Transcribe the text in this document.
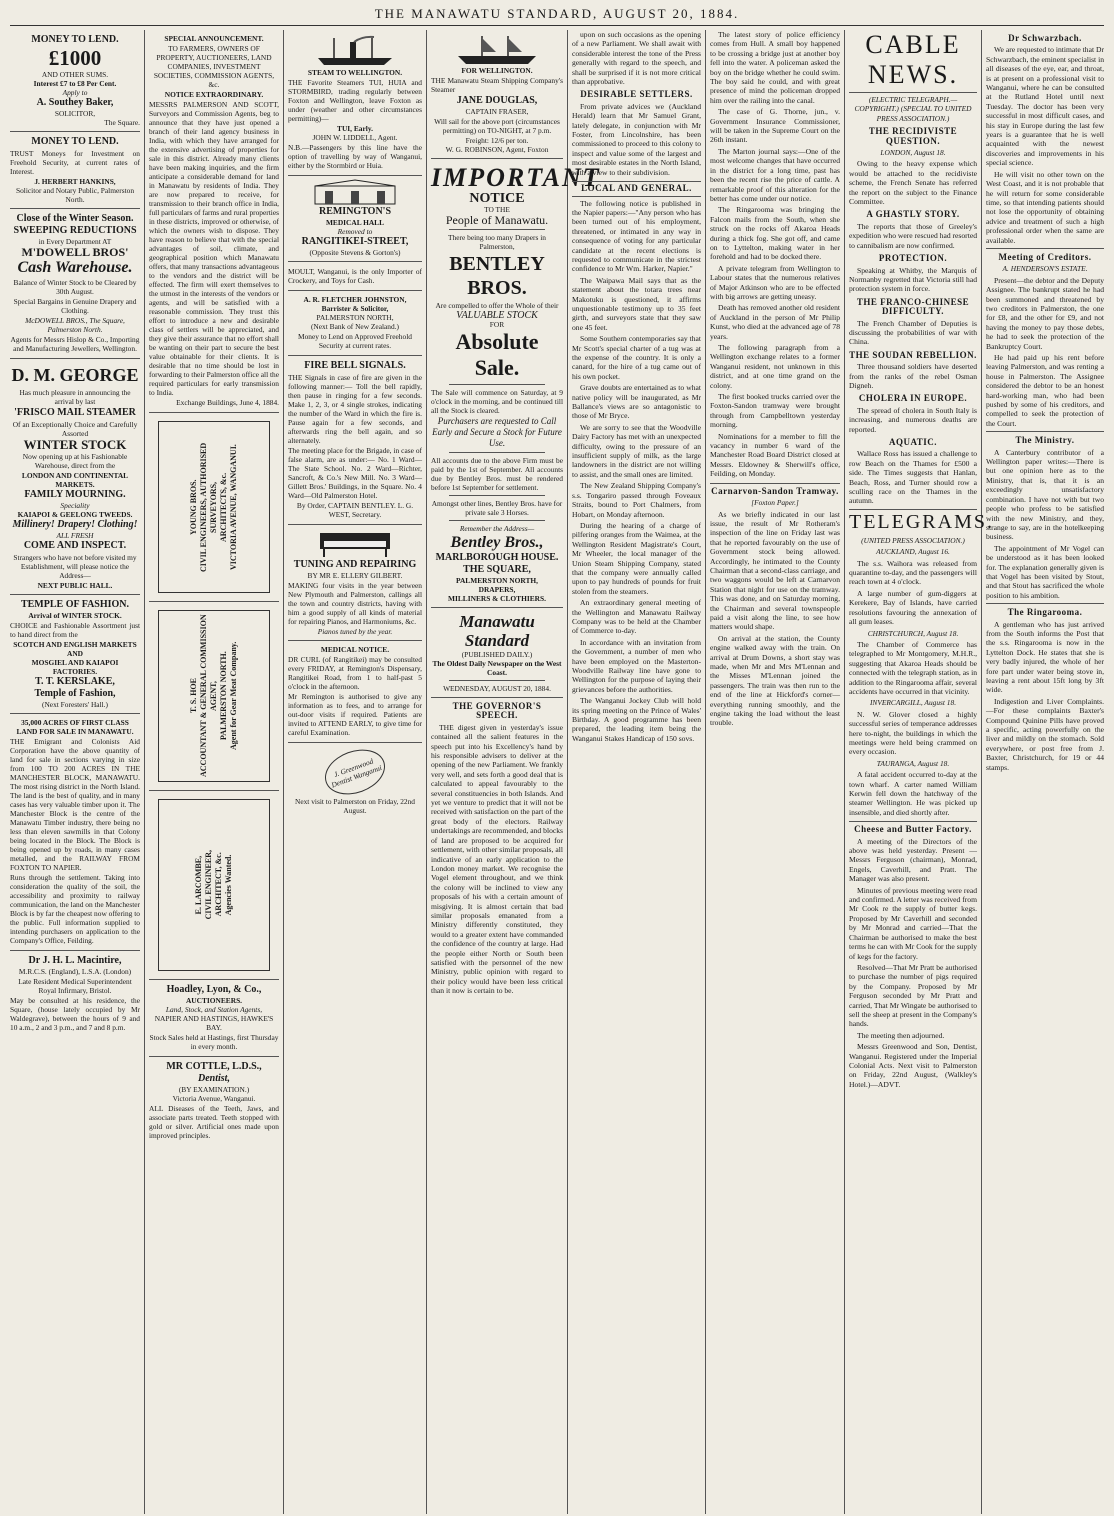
THE MANAWATU STANDARD, AUGUST 20, 1884.
MONEY TO LEND.
£1000
AND OTHER SUMS.
Interest £7 to £8 Per Cent.
Apply to
A. Southey Baker,
SOLICITOR,
The Square.
MONEY TO LEND.

TRUST Moneys for Investment on Freehold Security, at current rates of Interest.

J. HERBERT HANKINS,
Solicitor and Notary Public, Palmerston North.
Close of the Winter Season.
SWEEPING REDUCTIONS
in Every Department AT
M'DOWELL BROS'
Cash Warehouse.

Balance of Winter Stock to be Cleared by 30th August.

Special Bargains in Genuine Drapery and Clothing.

McDOWELL BROS., The Square, Palmerston North.

Agents for Messrs Hislop & Co., Importing and Manufacturing Jewellers, Wellington.

D. M. GEORGE

Has much pleasure in announcing the arrival by last

'FRISCO MAIL STEAMER

Of an Exceptionally Choice and Carefully Assorted

WINTER STOCK

Now opening up at his Fashionable Warehouse, direct from the

LONDON AND CONTINENTAL MARKETS.
FAMILY MOURNING.
Speciality
KAIAPOI & GEELONG TWEEDS.
Millinery! Drapery! Clothing!
ALL FRESH
COME AND INSPECT.

Strangers who have not before visited my Establishment, will please notice the Address—

NEXT PUBLIC HALL.
TEMPLE OF FASHION.
Arrival of WINTER STOCK.

CHOICE and Fashionable Assortment just to hand direct from the

SCOTCH AND ENGLISH MARKETS AND
MOSGIEL AND KAIAPOI FACTORIES.
T. T. KERSLAKE,
Temple of Fashion,
(Next Foresters' Hall.)
35,000 ACRES OF FIRST CLASS LAND FOR SALE IN MANAWATU.

THE Emigrant and Colonists Aid Corporation have the above quantity of land for sale in sections varying in size from 100 TO 200 ACRES IN THE MANCHESTER BLOCK, MANAWATU. The most rising district in the North Island. The land is the best of quality, and in many cases has very valuable timber upon it. The Manchester Block is the centre of the Manawatu Timber industry, there being no less than eleven sawmills in that Colony being located in the Block. The Block is being opened up by roads, in many cases metalled, and the RAILWAY FROM FOXTON TO NAPIER.

Runs through the settlement. Taking into consideration the quality of the soil, the accessibility and proximity to railway communication, the land on the Manchester Block is by far the cheapest now offering to the public. Full information supplied to intending purchasers on application to the Company's Office, Feilding.

Dr J. H. L. Macintire,
M.R.C.S. (England), L.S.A. (London)

Late Resident Medical Superintendent Royal Infirmary, Bristol.

May be consulted at his residence, the Square, (house lately occupied by Mr Waldegrave), between the hours of 9 and 10 a.m., 2 and 3 p.m., and 7 and 8 p.m.

SPECIAL ANNOUNCEMENT.

TO FARMERS, OWNERS OF PROPERTY, AUCTIONEERS, LAND COMPANIES, INVESTMENT SOCIETIES, COMMISSION AGENTS, &c.

NOTICE EXTRAORDINARY.

MESSRS PALMERSON AND SCOTT, Surveyors and Commission Agents, beg to announce that they have just opened a branch of their land agency business in India, with which they have arranged for the extensive advertising of properties for sale in this district. Already many clients have been making inquiries, and the firm anticipate a considerable demand for land in Manawatu by residents of India. They are now prepared to receive, for transmission to their branch office in India, full particulars of farms and rural properties in these districts, improved or otherwise, of which the owners wish to dispose. They have reason to believe that with the special advantages of soil, climate, and geographical position which Manawatu offers, that many transactions advantageous to the vendors and the district will be effected. The firm will exert themselves to the utmost in the interests of the vendors or agents, and will be satisfied with a reasonable commission. They trust this effort to introduce a new and desirable class of settlers will be appreciated, and they give their assurance that no effort shall be wanting on their part to secure the best value obtainable for their clients. It is desirable that no time should be lost in forwarding to their Palmerston office all the required particulars for early transmission to India.

Exchange Buildings, June 4, 1884.

YOUNG BROS.
CIVIL ENGINEERS, AUTHORISED SURVEYORS,
ARCHITECTS, &c.
VICTORIA AVENUE, WANGANUI.
T. S. HOE
ACCOUNTANT & GENERAL COMMISSION AGENT,
PALMERSTON NORTH.
Agent for Gear Meat Company.
E. LARCOMBE,
CIVIL ENGINEER,
ARCHITECT, &c.
Agencies Wanted.
Hoadley, Lyon, & Co.,
AUCTIONEERS.
Land, Stock, and Station Agents,
NAPIER AND HASTINGS, HAWKE'S BAY.

Stock Sales held at Hastings, first Thursday in every month.

MR COTTLE, L.D.S.,
Dentist,
(BY EXAMINATION.)
Victoria Avenue, Wanganui.

ALL Diseases of the Teeth, Jaws, and associate parts treated. Teeth stopped with gold or silver. Artificial ones made upon improved principles.

STEAM TO WELLINGTON.

THE Favorite Steamers TUI, HUIA and STORMBIRD, trading regularly between Foxton and Wellington, leave Foxton as under (weather and other circumstances permitting)—

TUI, Early.
JOHN W. LIDDELL, Agent.

N.B.—Passengers by this line have the option of travelling by way of Wanganui, either by the Stormbird or Huia.

REMINGTON'S
MEDICAL HALL
Removed to
RANGITIKEI-STREET,
(Opposite Stevens & Gorton's)

MOULT, Wanganui, is the only Importer of Crockery, and Toys for Cash.

A. R. FLETCHER JOHNSTON,
Barrister & Solicitor,
PALMERSTON NORTH,
(Next Bank of New Zealand.)

Money to Lend on Approved Freehold Security at current rates.

FIRE BELL SIGNALS.

THE Signals in case of fire are given in the following manner:— Toll the bell rapidly, then pause in ringing for a few seconds. Make 1, 2, 3, or 4 single strokes, indicating the number of the Ward in which the fire is. Pause again for a few seconds, and afterwards ring the bell again, and so alternately.

The meeting place for the Brigade, in case of false alarm, are as under:— No. 1 Ward—The State School. No. 2 Ward—Richter, Sancroft, & Co.'s New Mill. No. 3 Ward—Gillett Bros.' Buildings, in the Square. No. 4 Ward—Old Palmerston Hotel.

By Order, CAPTAIN BENTLEY. L. G. WEST, Secretary.

TUNING AND REPAIRING
BY MR E. ELLERY GILBERT.

MAKING four visits in the year between New Plymouth and Palmerston, callings all the town and country districts, having with him a good supply of all kinds of material for repairing Pianos, and Harmoniums, &c.

Pianos tuned by the year.
MEDICAL NOTICE.

DR CURL (of Rangitikei) may be consulted every FRIDAY, at Remington's Dispensary, Rangitikei Road, from 1 to half-past 5 o'clock in the afternoon.

Mr Remington is authorised to give any information as to fees, and to arrange for out-door visits if required. Patients are invited to ATTEND EARLY, to give time for careful Examination.

J. Greenwood Dentist Wanganui

Next visit to Palmerston on Friday, 22nd August.

FOR WELLINGTON.

THE Manawatu Steam Shipping Company's Steamer

JANE DOUGLAS,
CAPTAIN FRASER,

Will sail for the above port (circumstances permitting) on TO-NIGHT, at 7 p.m.

Freight: 12/6 per ton.
W. G. ROBINSON, Agent, Foxton
IMPORTANT
NOTICE
TO THE
People of Manawatu.

There being too many Drapers in Palmerston,

BENTLEY BROS.

Are compelled to offer the Whole of their

VALUABLE STOCK
FOR
Absolute Sale.

The Sale will commence on Saturday, at 9 o'clock in the morning, and be continued till all the Stock is cleared.

Purchasers are requested to Call Early and Secure a Stock for Future Use.

All accounts due to the above Firm must be paid by the 1st of September. All accounts due by Bentley Bros. must be rendered before 1st September for settlement.

Amongst other lines, Bentley Bros. have for private sale 3 Horses.

Remember the Address—
Bentley Bros.,
MARLBOROUGH HOUSE.
THE SQUARE,
PALMERSTON NORTH,
DRAPERS,
MILLINERS & CLOTHIERS.
Manawatu Standard
(PUBLISHED DAILY.)
The Oldest Daily Newspaper on the West Coast.
WEDNESDAY, AUGUST 20, 1884.
THE GOVERNOR'S SPEECH.

THE digest given in yesterday's issue contained all the salient features in the speech put into his Excellency's hand by his responsible advisers to deliver at the opening of the new Parliament. We frankly very well, and sets forth a good deal that is calculated to appeal favourably to the several constituencies in both Islands. And yet we venture to predict that it will not be received with satisfaction on the part of the great body of the electors. Railway undertakings are recommended, and blocks of land are proposed to be acquired for settlement, with other similar proposals, all indicative of an early application to the London money market. We recognise the Vogel element throughout, and we think the colony will be inclined to view any proposals of his with a certain amount of misgiving. It is almost certain that bad similar proposals emanated from a Ministry differently constituted, they would to a greater extent have commanded the confidence of the country at large. Had the people either North or South been satisfied with the personnel of the new Ministry, public opinion with regard to their policy would have been less critical than it now is certain to be.

upon on such occasions as the opening of a new Parliament. We shall await with considerable interest the tone of the Press generally with regard to the speech, and shall be surprised if it is not more critical than approbative.

DESIRABLE SETTLERS.

From private advices we (Auckland Herald) learn that Mr Samuel Grant, lately delegate, in conjunction with Mr Foster, from Lincolnshire, has been commissioned to proceed to this colony to inspect and value some of the largest and most desirable estates in the North Island, with a view to their subdivision.

LOCAL AND GENERAL.

The following notice is published in the Napier papers:—"Any person who has been turned out of his employment, threatened, or intimated in any way in consequence of voting for any particular candidate at the recent elections is requested to communicate in the strictest confidence to Mr Wm. Harker, Napier."

The Waipawa Mail says that as the statement about the totara trees near Makotuku is questioned, it affirms unquestionable testimony up to 35 feet girth, and surveyors state that they saw one 45 feet.

Some Southern contemporaries say that Mr Scott's special charter of a tug was at the expense of the country. It is only a canard, for the hire of a tug came out of his own pocket.

Grave doubts are entertained as to what native policy will be inaugurated, as Mr Ballance's views are so antagonistic to those of Mr Bryce.

We are sorry to see that the Woodville Dairy Factory has met with an unexpected difficulty, owing to the pressure of an insufficient supply of milk, as the large landowners in the district are not willing to assist, and the small ones are limited.

The New Zealand Shipping Company's s.s. Tongariro passed through Foveaux Straits, bound to Port Chalmers, from Hobart, on Monday afternoon.

During the hearing of a charge of pilfering oranges from the Waimea, at the Wellington Resident Magistrate's Court, Mr Wheeler, the local manager of the Union Steam Shipping Company, stated that the company were annually called upon to pay hundreds of pounds for fruit stolen from the steamers.

An extraordinary general meeting of the Wellington and Manawatu Railway Company was to be held at the Chamber of Commerce to-day.

In accordance with an invitation from the Government, a number of men who have been employed on the Masterton-Woodville Railway line have gone to Wellington for the purpose of laying their grievances before the authorities.

The Wanganui Jockey Club will hold its spring meeting on the Prince of Wales' Birthday. A good programme has been prepared, the leading item being the Wanganui Stakes Handicap of 150 sovs.

The latest story of police efficiency comes from Hull. A small boy happened to be crossing a bridge just at another boy fell into the water. A policeman asked the boy on the bridge whether he could swim. The boy said he could, and with great presence of mind the policeman dropped him over the railing into the canal.

The case of G. Thorne, jun., v. Government Insurance Commissioner, will be taken in the Supreme Court on the 26th instant.

The Marton journal says:—One of the most welcome changes that have occurred in the district for a long time, past has been the recent rise the price of cattle. A remarkable proof of this alteration for the better has come under our notice.

The Ringarooma was bringing the Falcon mails from the South, when she struck on the rocks off Akaroa Heads during a thick fog. She got off, and came on to Lyttelton, making water in her forehold and had to be docked there.

A private telegram from Wellington to Labour states that the numerous relatives of Major Atkinson who are to be effected with big arrows are getting uneasy.

Death has removed another old resident of Auckland in the person of Mr Philip Kunst, who died at the advanced age of 78 years.

The following paragraph from a Wellington exchange relates to a former Wanganui resident, not unknown in this district, and at one time grand on the colony.

The first booked trucks carried over the Foxton-Sandon tramway were brought through from Campbelltown yesterday morning.

Nominations for a member to fill the vacancy in number 6 ward of the Manchester Road Board District closed at Messrs. Eldowney & Sherwill's office, Feilding, on Monday.

Carnarvon-Sandon Tramway.
[Foxton Paper.]

As we briefly indicated in our last issue, the result of Mr Rotheram's inspection of the line on Friday last was that he reported favourably on the use of Government stock being allowed. Accordingly, he intimated to the County Chairman that a second-class carriage, and two waggons would be left at Carnarvon Station that night for use on the tramway. This was done, and on Saturday morning, the Chairman and several townspeople paid a visit along the line, to see how matters would shape.

On arrival at the station, the County engine walked away with the train. On arrival at Drum Downs, a short stay was made, when Mr and Mrs M'Lennan and the Misses M'Lennan joined the passengers. The train was then run to the end of the line at Hickford's corner—everything running smoothly, and the engine taking the load without the least trouble.

CABLE NEWS.
(ELECTRIC TELEGRAPH.—COPYRIGHT.) (SPECIAL TO UNITED PRESS ASSOCIATION.)
THE RECIDIVISTE QUESTION.
LONDON, August 18.

Owing to the heavy expense which would be attached to the recidiviste scheme, the French Senate has referred the report on the subject to the Finance Committee.

A GHASTLY STORY.

The reports that those of Greeley's expedition who were rescued had resorted to cannibalism are now confirmed.

PROTECTION.

Speaking at Whitby, the Marquis of Normanby regretted that Victoria still had protection system in force.

THE FRANCO-CHINESE DIFFICULTY.

The French Chamber of Deputies is discussing the probabilities of war with China.

THE SOUDAN REBELLION.

Three thousand soldiers have deserted from the ranks of the rebel Osman Digneh.

CHOLERA IN EUROPE.

The spread of cholera in South Italy is increasing, and numerous deaths are reported.

AQUATIC.

Wallace Ross has issued a challenge to row Beach on the Thames for £500 a side. The Times suggests that Hanlan, Beach, Ross, and Turner should row a sculling race on the Thames in the autumn.

TELEGRAMS.
(UNITED PRESS ASSOCIATION.)
AUCKLAND, August 16.

The s.s. Waihora was released from quarantine to-day, and the passengers will reach town at 4 o'clock.

A large number of gum-diggers at Kerekere, Bay of Islands, have carried resolutions favouring the annexation of all gum leases.

CHRISTCHURCH, August 18.

The Chamber of Commerce has telegraphed to Mr Montgomery, M.H.R., suggesting that Akaroa Heads should be connected with the telegraph station, as in addition to the Ringarooma affair, several accidents have occurred in that vicinity.

INVERCARGILL, August 18.

N. W. Glover closed a highly successful series of temperance addresses here to-night, the buildings in which the meetings were held being crammed on every occasion.

TAURANGA, August 18.

A fatal accident occurred to-day at the town wharf. A carter named William Kerwin fell down the hatchway of the steamer Wellington. He was picked up insensible, and died shortly after.

Cheese and Butter Factory.

A meeting of the Directors of the above was held yesterday. Present — Messrs Ferguson (chairman), Monrad, Engels, Caverhill, and Pratt. The Manager was also present.

Minutes of previous meeting were read and confirmed. A letter was received from Mr Cook re the supply of butter kegs. Proposed by Mr Caverhill and seconded by Mr Monrad and carried—That the Chairman be authorised to make the best terms he can with Mr Cook for the supply of kegs for the factory.

Resolved—That Mr Pratt be authorised to purchase the number of pigs required by the Company. Proposed by Mr Ferguson seconded by Mr Pratt and carried, That Mr Wingate be authorised to sell the sheep at present in the Company's hands.

The meeting then adjourned.

Messrs Greenwood and Son, Dentist, Wanganui. Registered under the Imperial Colonial Acts. Next visit to Palmerston on Friday, 22nd August, (Walkley's Hotel.)—ADVT.

Dr Schwarzbach.

We are requested to intimate that Dr Schwarzbach, the eminent specialist in all diseases of the eye, ear, and throat, is at present on a professional visit to Wanganui, where he can be consulted at the Rutland Hotel until next Tuesday. The doctor has been very successful in most difficult cases, and his stay in Europe during the last few years is a guarantee that he is well acquainted with the newest discoveries and improvements in his special science.

He will visit no other town on the West Coast, and it is not probable that he will return for some considerable time, so that intending patients should not lose the opportunity of obtaining advice and treatment of such a high professional order when the same are available.

Meeting of Creditors.
A. HENDERSON'S ESTATE.

Present—the debtor and the Deputy Assignee. The bankrupt stated he had been summoned and threatened by two creditors in Palmerston, the one for £8, and the other for £9, and not having the money to pay those debts, he had to seek the protection of the Bankruptcy Court.

He had paid up his rent before leaving Palmerston, and was renting a house in Palmerston. The Assignee considered the debtor to be an honest hard-working man, who had been pushed by some of his creditors, and compelled to seek the protection of the Court.

The Ministry.

A Canterbury contributor of a Wellington paper writes:—There is but one opinion here as to the Ministry, that is, that it is an exceedingly unsatisfactory combination. I have not with but two people who profess to be satisfied with the new Ministry, and they, strange to say, are in the hotelkeeping business.

The appointment of Mr Vogel can be understood as it has been looked for. The explanation generally given is that Vogel has been visited by Stout, and that Stout has sacrificed the whole position to his ambition.

The Ringarooma.

A gentleman who has just arrived from the South informs the Post that the s.s. Ringarooma is now in the Lyttelton Dock. He states that she is very badly injured, the whole of her fore part under water being stove in, leaving a rent about 15ft long by 3ft wide.

Indigestion and Liver Complaints.—For these complaints Baxter's Compound Quinine Pills have proved a specific, acting powerfully on the liver and mildly on the stomach. Sold everywhere, or post free from J. Baxter, Christchurch, for 19 or 44 stamps.
